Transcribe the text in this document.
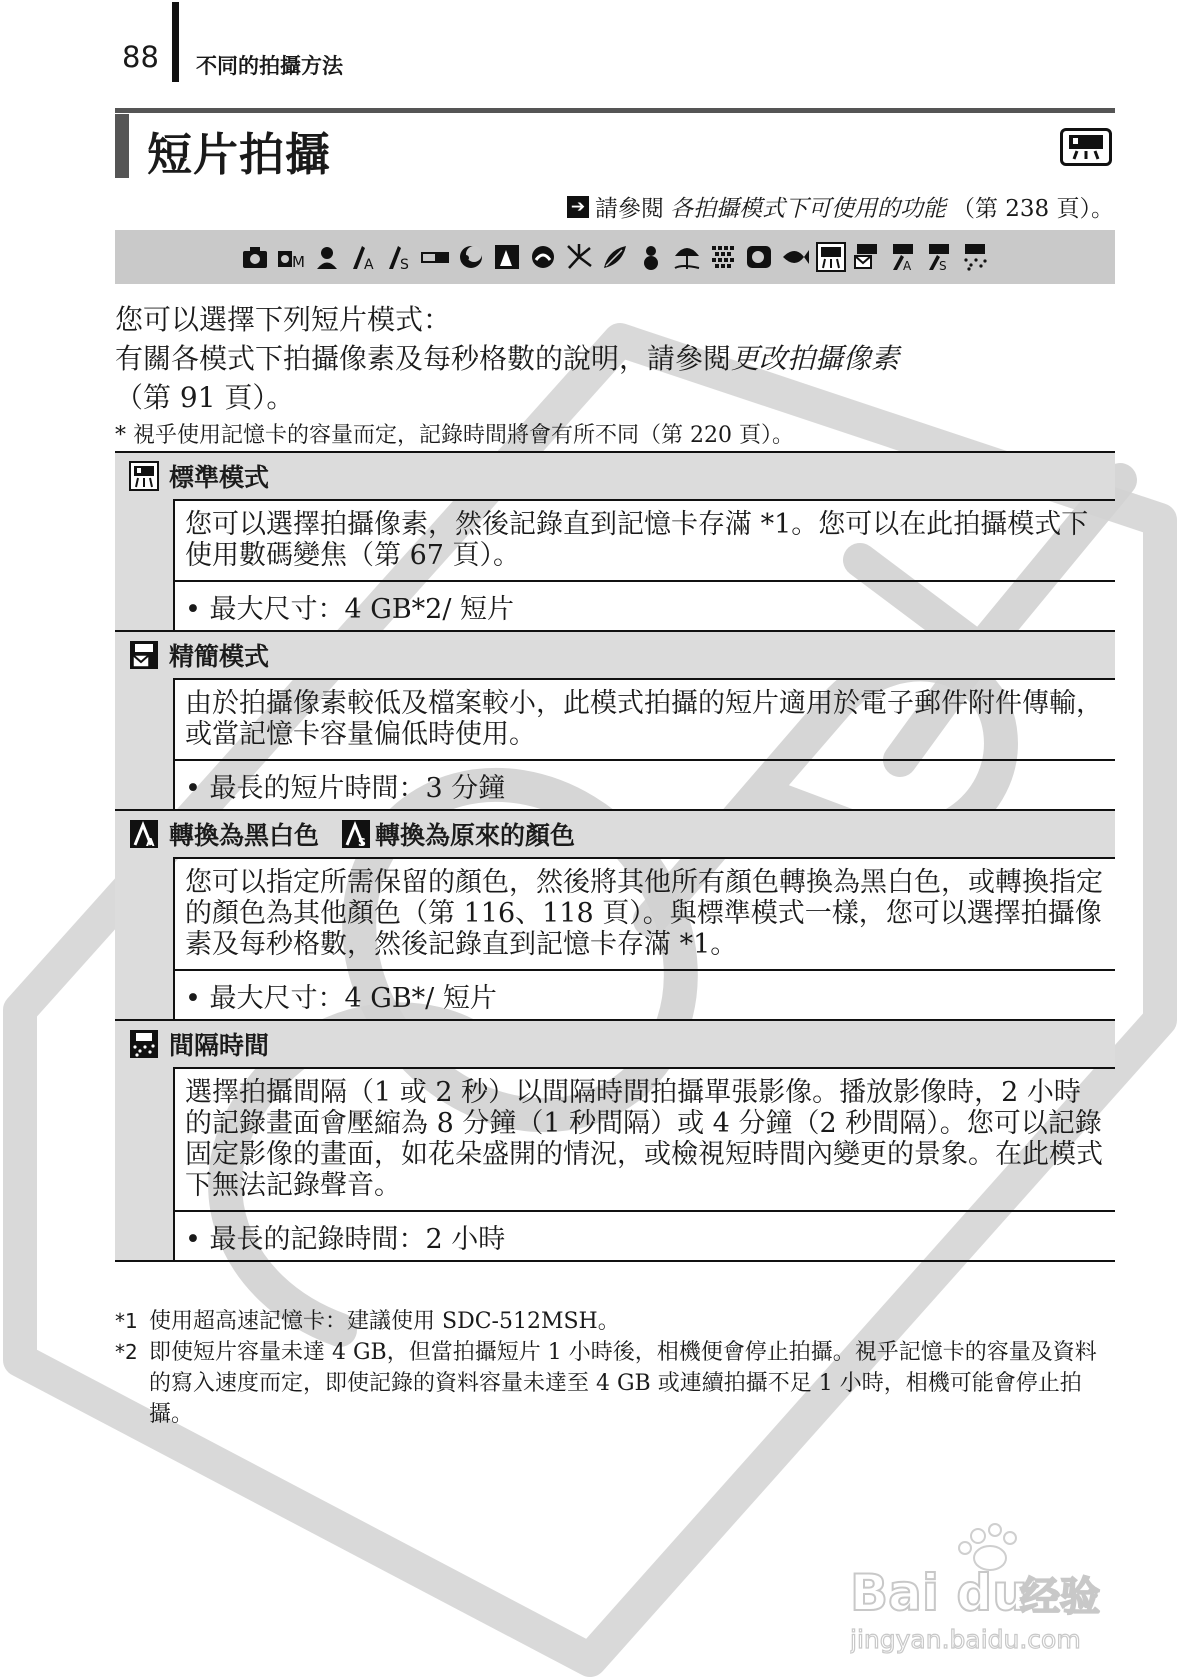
88 不同的拍攝方法
短片拍攝
➔ 請參閱 各拍攝模式下可使用的功能 （第 238 頁）。
M	A S	A S

您可以選擇下列短片模式：

有關各模式下拍攝像素及每秒格數的說明，請參閱更改拍攝像素

（第 91 頁）。

* 視乎使用記憶卡的容量而定，記錄時間將會有所不同（第 220 頁）。
標準模式
您可以選擇拍攝像素，然後記錄直到記憶卡存滿 *1。您可以在此拍攝模式下使用數碼變焦（第 67 頁）。
• 最大尺寸：4 GB*2/ 短片
精簡模式
由於拍攝像素較低及檔案較小，此模式拍攝的短片適用於電子郵件附件傳輸，或當記憶卡容量偏低時使用。
• 最長的短片時間：3 分鐘
A 轉換為黑白色	S 轉換為原來的顏色
您可以指定所需保留的顏色，然後將其他所有顏色轉換為黑白色，或轉換指定的顏色為其他顏色（第 116、118 頁）。與標準模式一樣，您可以選擇拍攝像素及每秒格數，然後記錄直到記憶卡存滿 *1。
• 最大尺寸：4 GB*/ 短片
間隔時間
選擇拍攝間隔（1 或 2 秒）以間隔時間拍攝單張影像。播放影像時，2 小時的記錄畫面會壓縮為 8 分鐘（1 秒間隔）或 4 分鐘（2 秒間隔）。您可以記錄固定影像的畫面，如花朵盛開的情況，或檢視短時間內變更的景象。在此模式下無法記錄聲音。
• 最長的記錄時間：2 小時
*1 使用超高速記憶卡：建議使用 SDC-512MSH。
*2 即使短片容量未達 4 GB，但當拍攝短片 1 小時後，相機便會停止拍攝。視乎記憶卡的容量及資料的寫入速度而定，即使記錄的資料容量未達至 4 GB 或連續拍攝不足 1 小時，相機可能會停止拍攝。
Bai du
经验
jingyan.baidu.com
